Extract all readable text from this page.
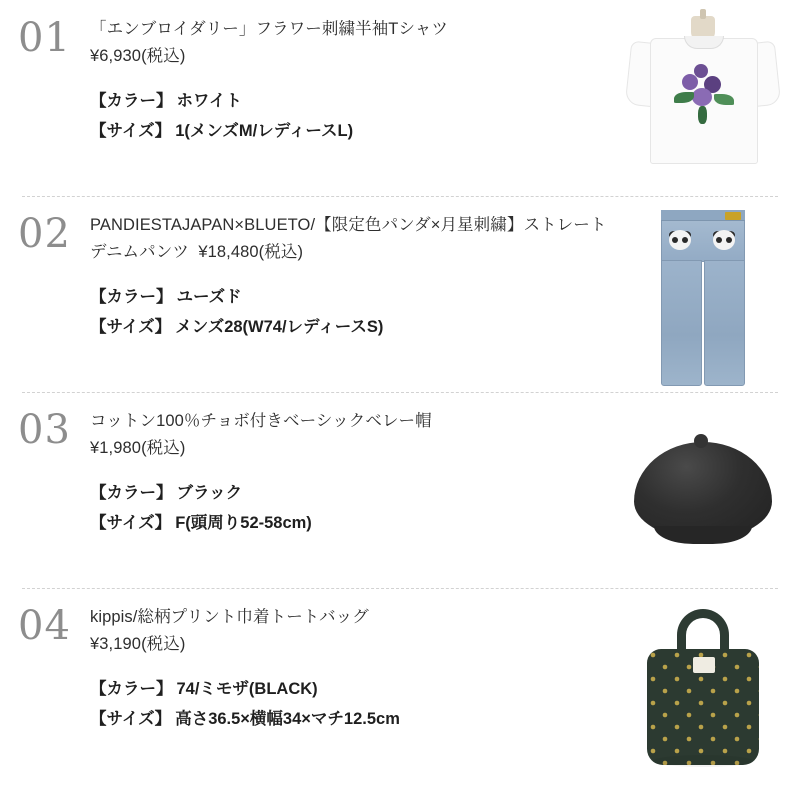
01	「エンブロイダリー」フラワー刺繍半袖Tシャツ
¥6,930(税込)
【カラー】 ホワイト
【サイズ】 1(メンズM/レディースL)
02	PANDIESTAJAPAN×BLUETO/【限定色パンダ×月星刺繍】ストレートデニムパンツ ¥18,480(税込)
【カラー】 ユーズド
【サイズ】 メンズ28(W74/レディースS)
03	コットン100％チョボ付きベーシックベレー帽
¥1,980(税込)
【カラー】 ブラック
【サイズ】 F(頭周り52-58cm)
04	kippis/総柄プリント巾着トートバッグ
¥3,190(税込)
【カラー】 74/ミモザ(BLACK)
【サイズ】 高さ36.5×横幅34×マチ12.5cm
